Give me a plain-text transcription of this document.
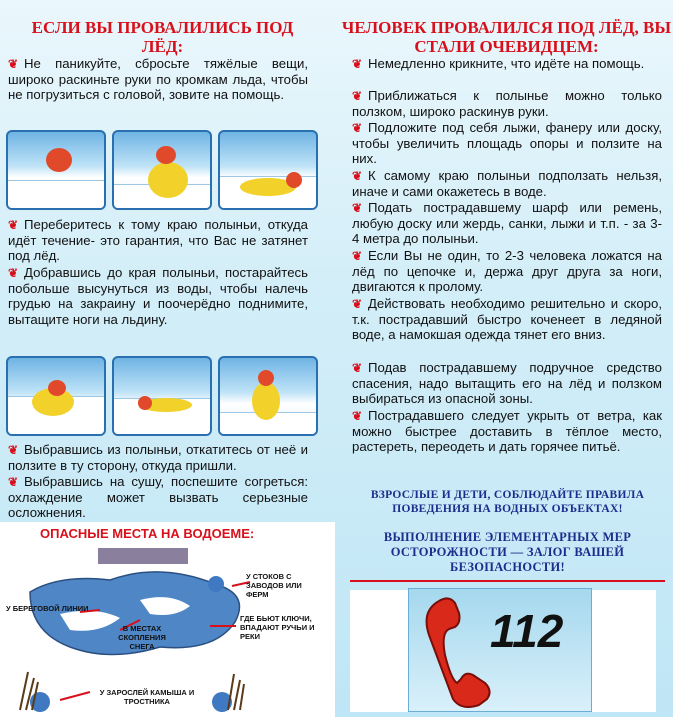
ЕСЛИ ВЫ ПРОВАЛИЛИСЬ ПОД ЛЁД:
❦ Не паникуйте, сбросьте тяжёлые вещи, широко раскиньте руки по кромкам льда, чтобы не погрузиться с головой, зовите на помощь.
❦ Переберитесь к тому краю полыньи, откуда идёт течение- это гарантия, что Вас не затянет под лёд.
❦ Добравшись до края полыньи, постарайтесь побольше высунуться из воды, чтобы налечь грудью на закраину и поочерёдно поднимите, вытащите ноги на льдину.
❦ Выбравшись из полыньи, откатитесь от неё и ползите в ту сторону, откуда пришли.
❦ Выбравшись на сушу, поспешите согреться: охлаждение может вызвать серьезные осложнения.
ОПАСНЫЕ МЕСТА НА ВОДОЕМЕ:
У СТОКОВ С ЗАВОДОВ ИЛИ ФЕРМ
У БЕРЕГОВОЙ ЛИНИИ
ГДЕ БЬЮТ КЛЮЧИ, ВПАДАЮТ РУЧЬИ И РЕКИ
В МЕСТАХ СКОПЛЕНИЯ СНЕГА
У ЗАРОСЛЕЙ КАМЫША И ТРОСТНИКА
ЧЕЛОВЕК ПРОВАЛИЛСЯ ПОД ЛЁД, ВЫ СТАЛИ ОЧЕВИДЦЕМ:
❦ Немедленно крикните, что идёте на помощь.
❦ Приближаться к полынье можно только ползком, широко раскинув руки.
❦ Подложите под себя лыжи, фанеру или доску, чтобы увеличить площадь опоры и ползите на них.
❦ К самому краю полыньи подползать нельзя, иначе и сами окажетесь в воде.
❦ Подать пострадавшему шарф или ремень, любую доску или жердь, санки, лыжи и т.п. - за 3-4 метра до полыньи.
❦ Если Вы не один, то 2-3 человека ложатся на лёд по цепочке и, держа друг друга за ноги, двигаются к пролому.
❦ Действовать необходимо решительно и скоро, т.к. пострадавший быстро коченеет в ледяной воде, а намокшая одежда тянет его вниз.
❦ Подав пострадавшему подручное средство спасения, надо вытащить его на лёд и ползком выбираться из опасной зоны.
❦ Пострадавшего следует укрыть от ветра, как можно быстрее доставить в тёплое место, растереть, переодеть и дать горячее питьё.
ВЗРОСЛЫЕ И ДЕТИ, СОБЛЮДАЙТЕ ПРАВИЛА ПОВЕДЕНИЯ НА ВОДНЫХ ОБЪЕКТАХ!
ВЫПОЛНЕНИЕ ЭЛЕМЕНТАРНЫХ МЕР ОСТОРОЖНОСТИ — ЗАЛОГ ВАШЕЙ БЕЗОПАСНОСТИ!
112
